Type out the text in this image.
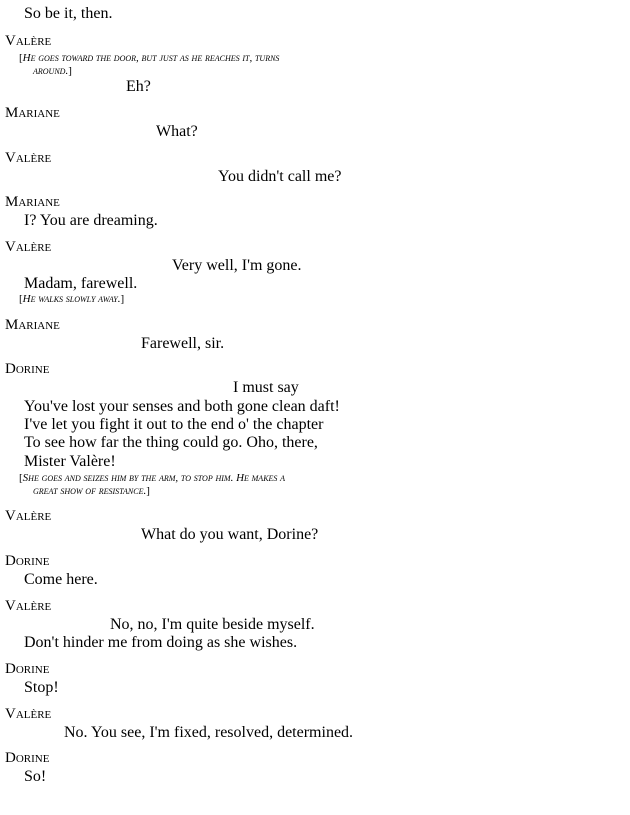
So be it, then.
Valère
[He goes toward the door, but just as he reaches it, turns
around.]
Eh?
Mariane
What?
Valère
You didn't call me?
Mariane
I? You are dreaming.
Valère
Very well, I'm gone.
Madam, farewell.
[He walks slowly away.]
Mariane
Farewell, sir.
Dorine
I must say
You've lost your senses and both gone clean daft!
I've let you fight it out to the end o' the chapter
To see how far the thing could go. Oho, there,
Mister Valère!
[She goes and seizes him by the arm, to stop him. He makes a
great show of resistance.]
Valère
What do you want, Dorine?
Dorine
Come here.
Valère
No, no, I'm quite beside myself.
Don't hinder me from doing as she wishes.
Dorine
Stop!
Valère
No. You see, I'm fixed, resolved, determined.
Dorine
So!
